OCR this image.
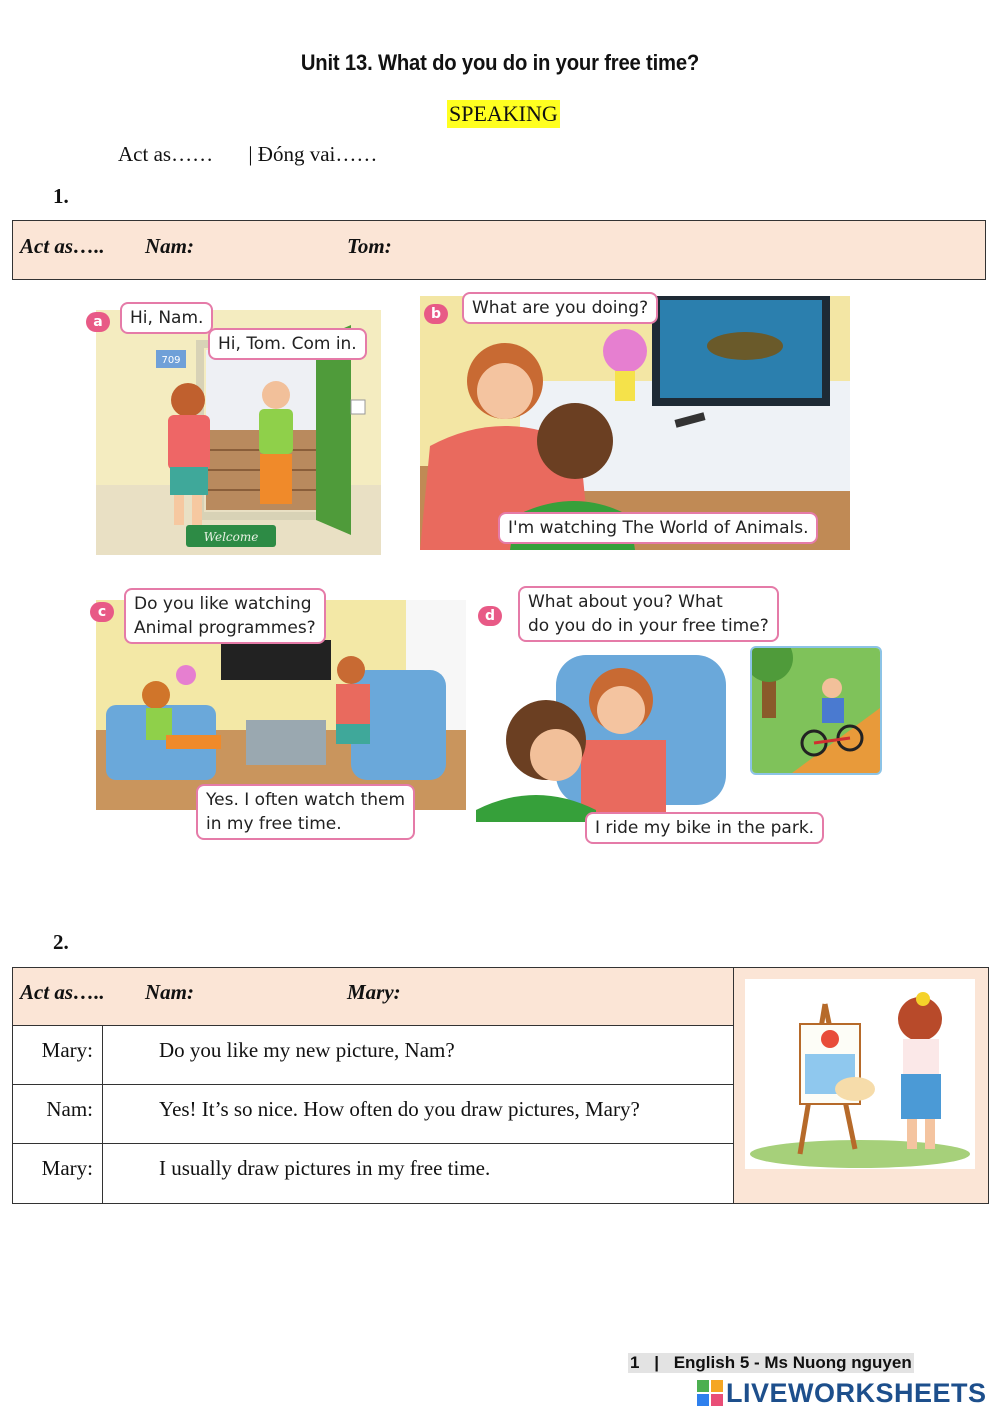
Unit 13. What do you do in your free time?
SPEAKING
Act as…… | Đóng vai……
1.
Act as….. Nam:	Tom:
709
Welcome
a	Hi, Nam.
Hi, Tom. Com in.
b	What are you doing?
I'm watching The World of Animals.
c	Do you like watching
Animal programmes?
Yes. I often watch them
in my free time.
d
What about you? What
do you do in your free time?
I ride my bike in the park.
2.
Act as….. Nam:	Mary:
Mary:	Do you like my new picture, Nam?
Nam:	Yes! It’s so nice. How often do you draw pictures, Mary?
Mary:	I usually draw pictures in my free time.
1 | English 5 - Ms Nuong nguyen
LIVEWORKSHEETS
